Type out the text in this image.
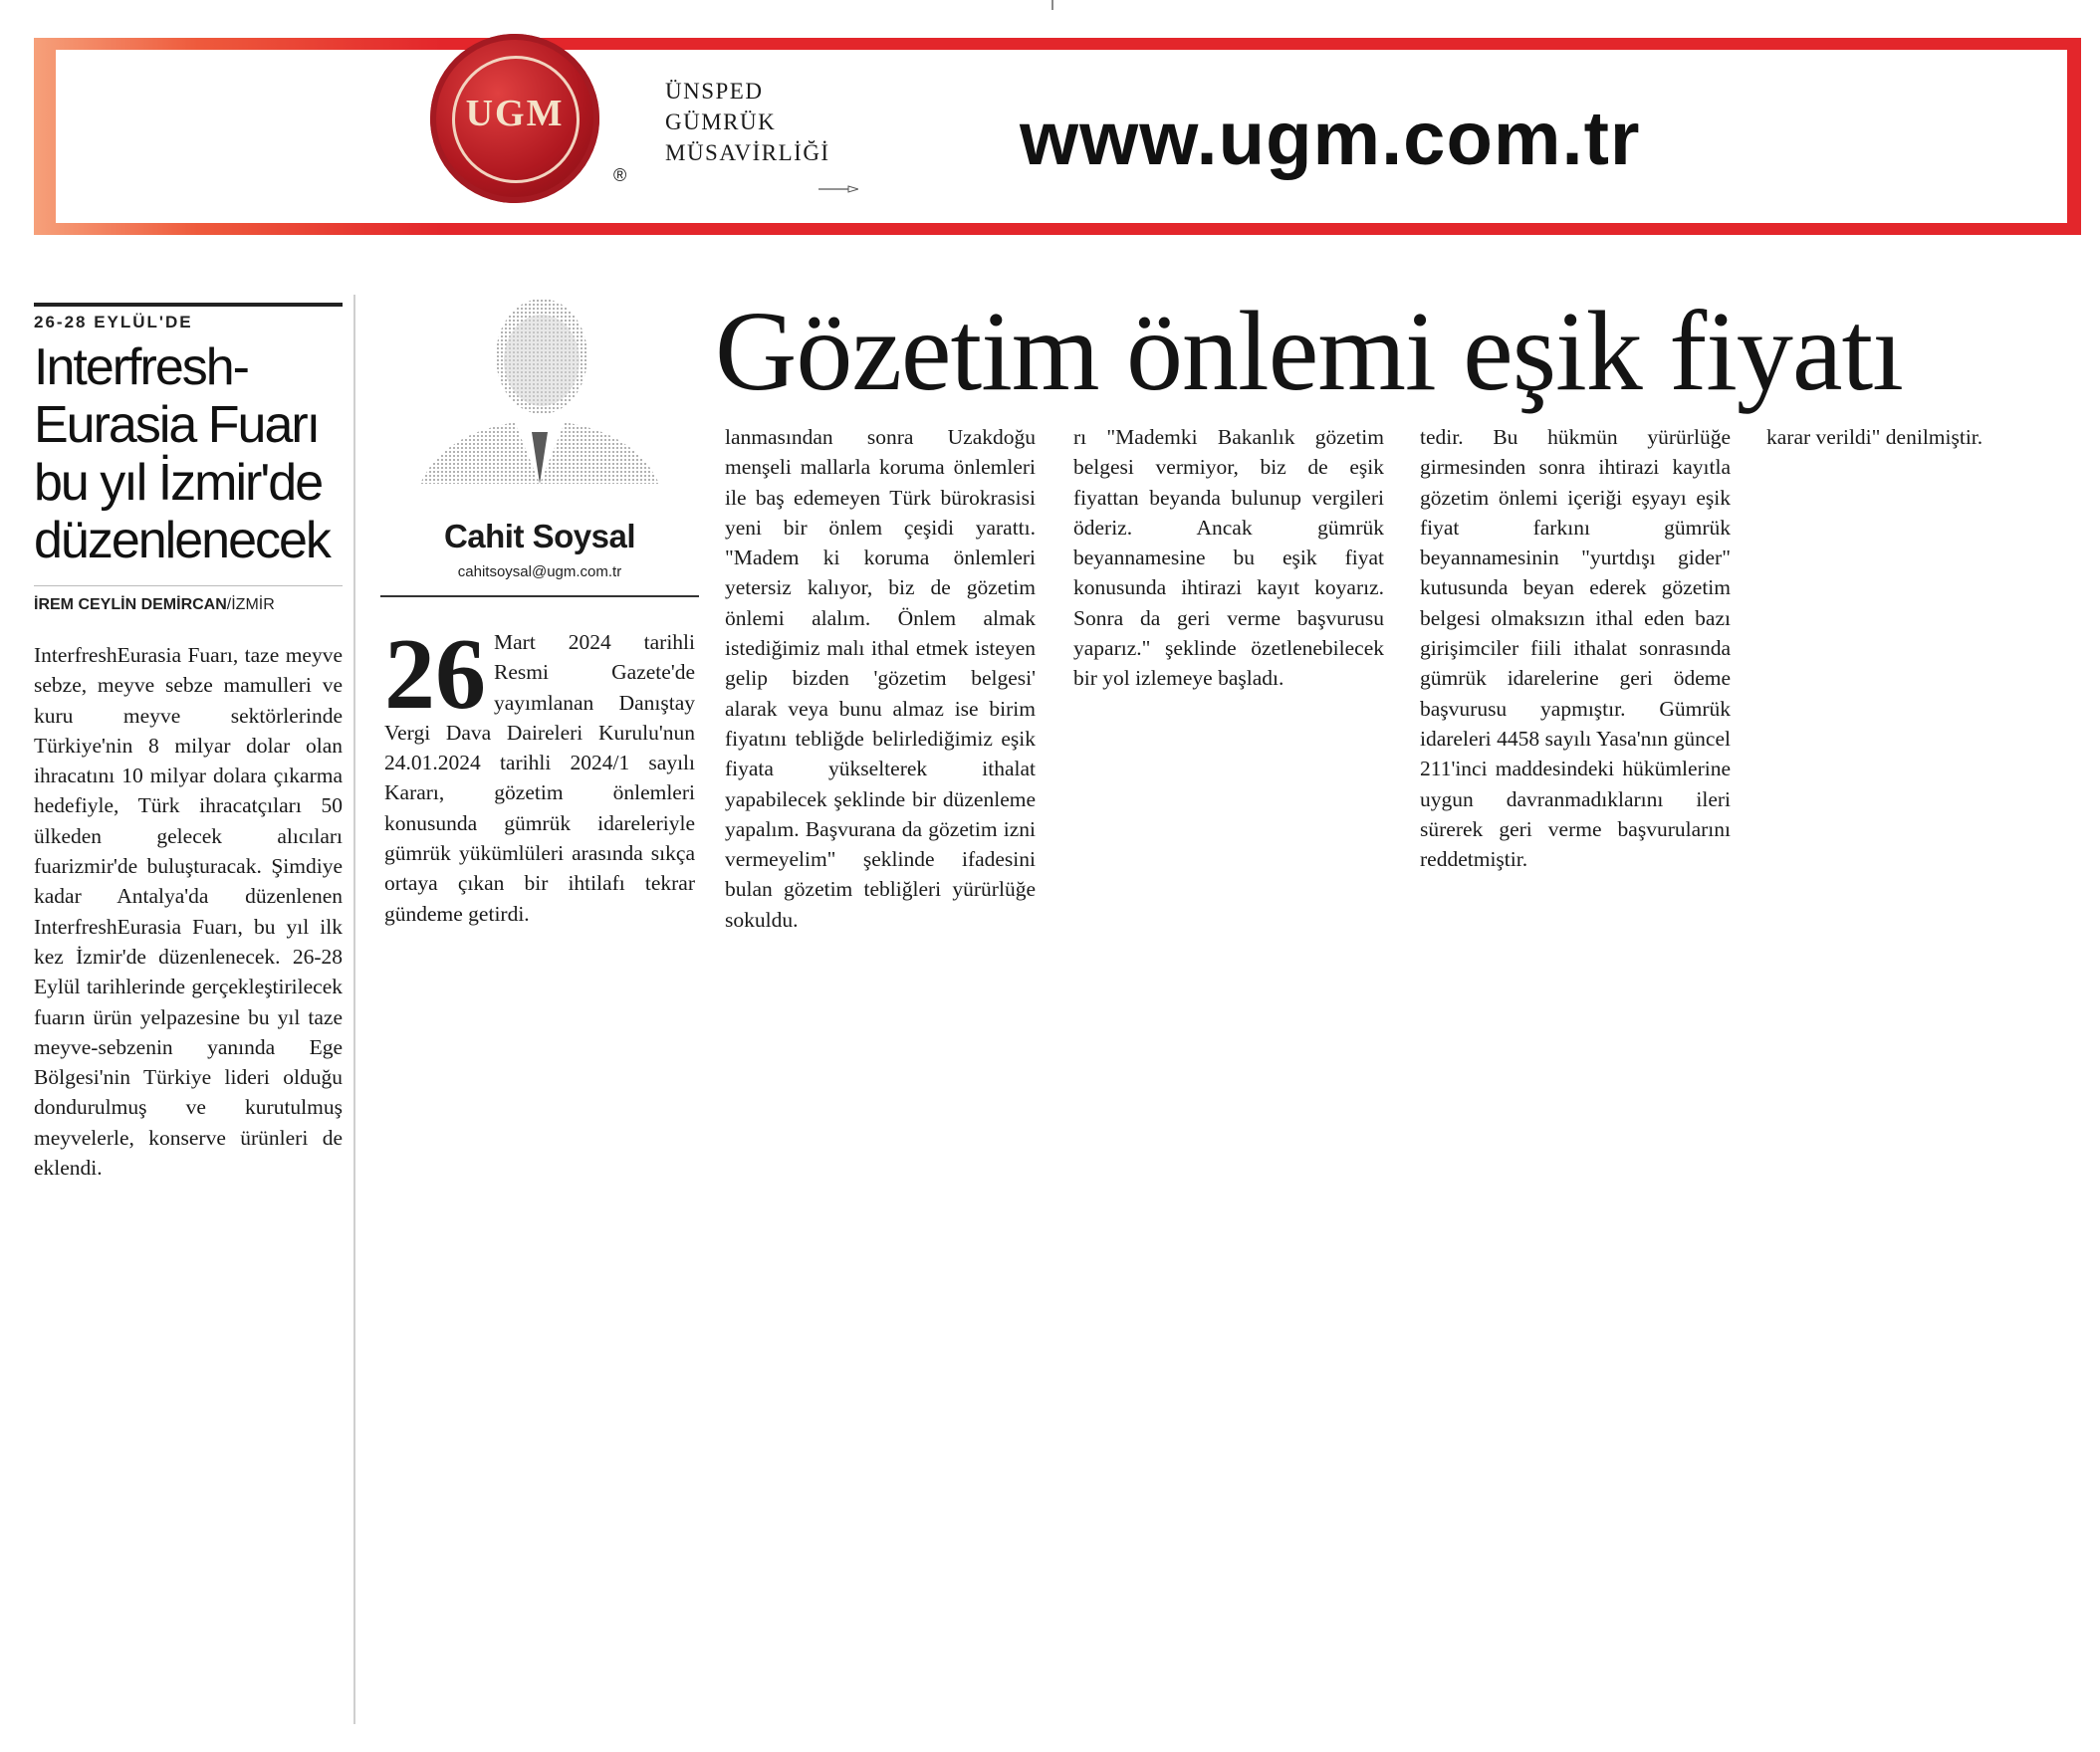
UGM
®
ÜNSPED
GÜMRÜK
MÜSAVİRLİĞİ	www.ugm.com.tr
26-28 EYLÜL'DE
Interfresh-Eurasia Fuarı bu yıl İzmir'de düzenlenecek
İREM CEYLİN DEMİRCAN/İZMİR

InterfreshEurasia Fuarı, taze meyve sebze, meyve sebze mamulleri ve kuru meyve sektörlerinde Türkiye'nin 8 milyar dolar olan ihracatını 10 milyar dolara çıkarma hedefiyle, Türk ihracatçıları 50 ülkeden gelecek alıcıları fuarizmir'de buluşturacak. Şimdiye kadar Antalya'da düzenlenen InterfreshEurasia Fuarı, bu yıl ilk kez İzmir'de düzenlenecek. 26-28 Eylül tarihlerinde gerçekleştirilecek fuarın ürün yelpazesine bu yıl taze meyve-sebzenin yanında Ege Bölgesi'nin Türkiye lideri olduğu dondurulmuş ve kurutulmuş meyvelerle, konserve ürünleri de eklendi.

Cahit Soysal
cahitsoysal@ugm.com.tr
Gözetim önlemi eşik fiyatı
26 Mart 2024 tarihli Resmi Gazete'de yayımlanan Danıştay Vergi Dava Daireleri Kurulu'nun 24.01.2024 tarihli 2024/1 sayılı Kararı, gözetim önlemleri konusunda gümrük idareleriyle gümrük yükümlüleri arasında sıkça ortaya çıkan bir ihtilafı tekrar gündeme getirdi.

lanmasından sonra Uzakdoğu menşeli mallarla koruma önlemleri ile baş edemeyen Türk bürokrasisi yeni bir önlem çeşidi yarattı. "Madem ki koruma önlemleri yetersiz kalıyor, biz de gözetim önlemi alalım. Önlem almak istediğimiz malı ithal etmek isteyen gelip bizden 'gözetim belgesi' alarak veya bunu almaz ise birim fiyatını tebliğde belirlediğimiz eşik fiyata yükselterek ithalat yapabilecek şeklinde bir düzenleme yapalım. Başvurana da gözetim izni vermeyelim" şeklinde ifadesini bulan gözetim tebliğleri yürürlüğe sokuldu.

rı "Mademki Bakanlık gözetim belgesi vermiyor, biz de eşik fiyattan beyanda bulunup vergileri öderiz. Ancak gümrük beyannamesine bu eşik fiyat konusunda ihtirazi kayıt koyarız. Sonra da geri verme başvurusu yaparız." şeklinde özetlenebilecek bir yol izlemeye başladı.

tedir. Bu hükmün yürürlüğe girmesinden sonra ihtirazi kayıtla gözetim önlemi içeriği eşyayı eşik fiyat farkını gümrük beyannamesinin "yurtdışı gider" kutusunda beyan ederek gözetim belgesi olmaksızın ithal eden bazı girişimciler fiili ithalat sonrasında gümrük idarelerine geri ödeme başvurusu yapmıştır. Gümrük idareleri 4458 sayılı Yasa'nın güncel 211'inci maddesindeki hükümlerine uygun davranmadıklarını ileri sürerek geri verme başvurularını reddetmiştir.

karar verildi" denilmiştir.
